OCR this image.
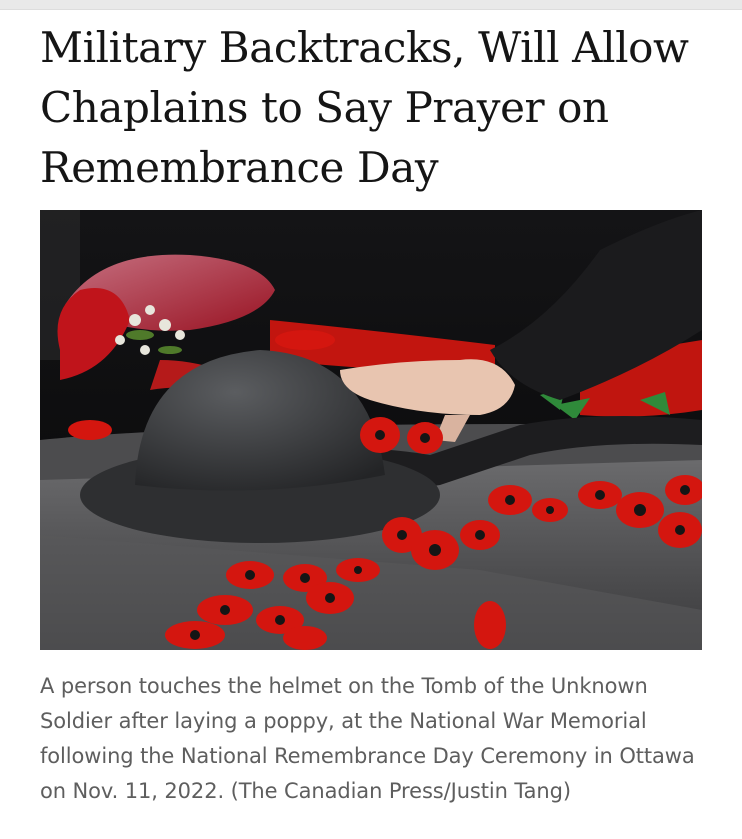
Military Backtracks, Will Allow Chaplains to Say Prayer on Remembrance Day

A person touches the helmet on the Tomb of the Unknown Soldier after laying a poppy, at the National War Memorial following the National Remembrance Day Ceremony in Ottawa on Nov. 11, 2022. (The Canadian Press/Justin Tang)
